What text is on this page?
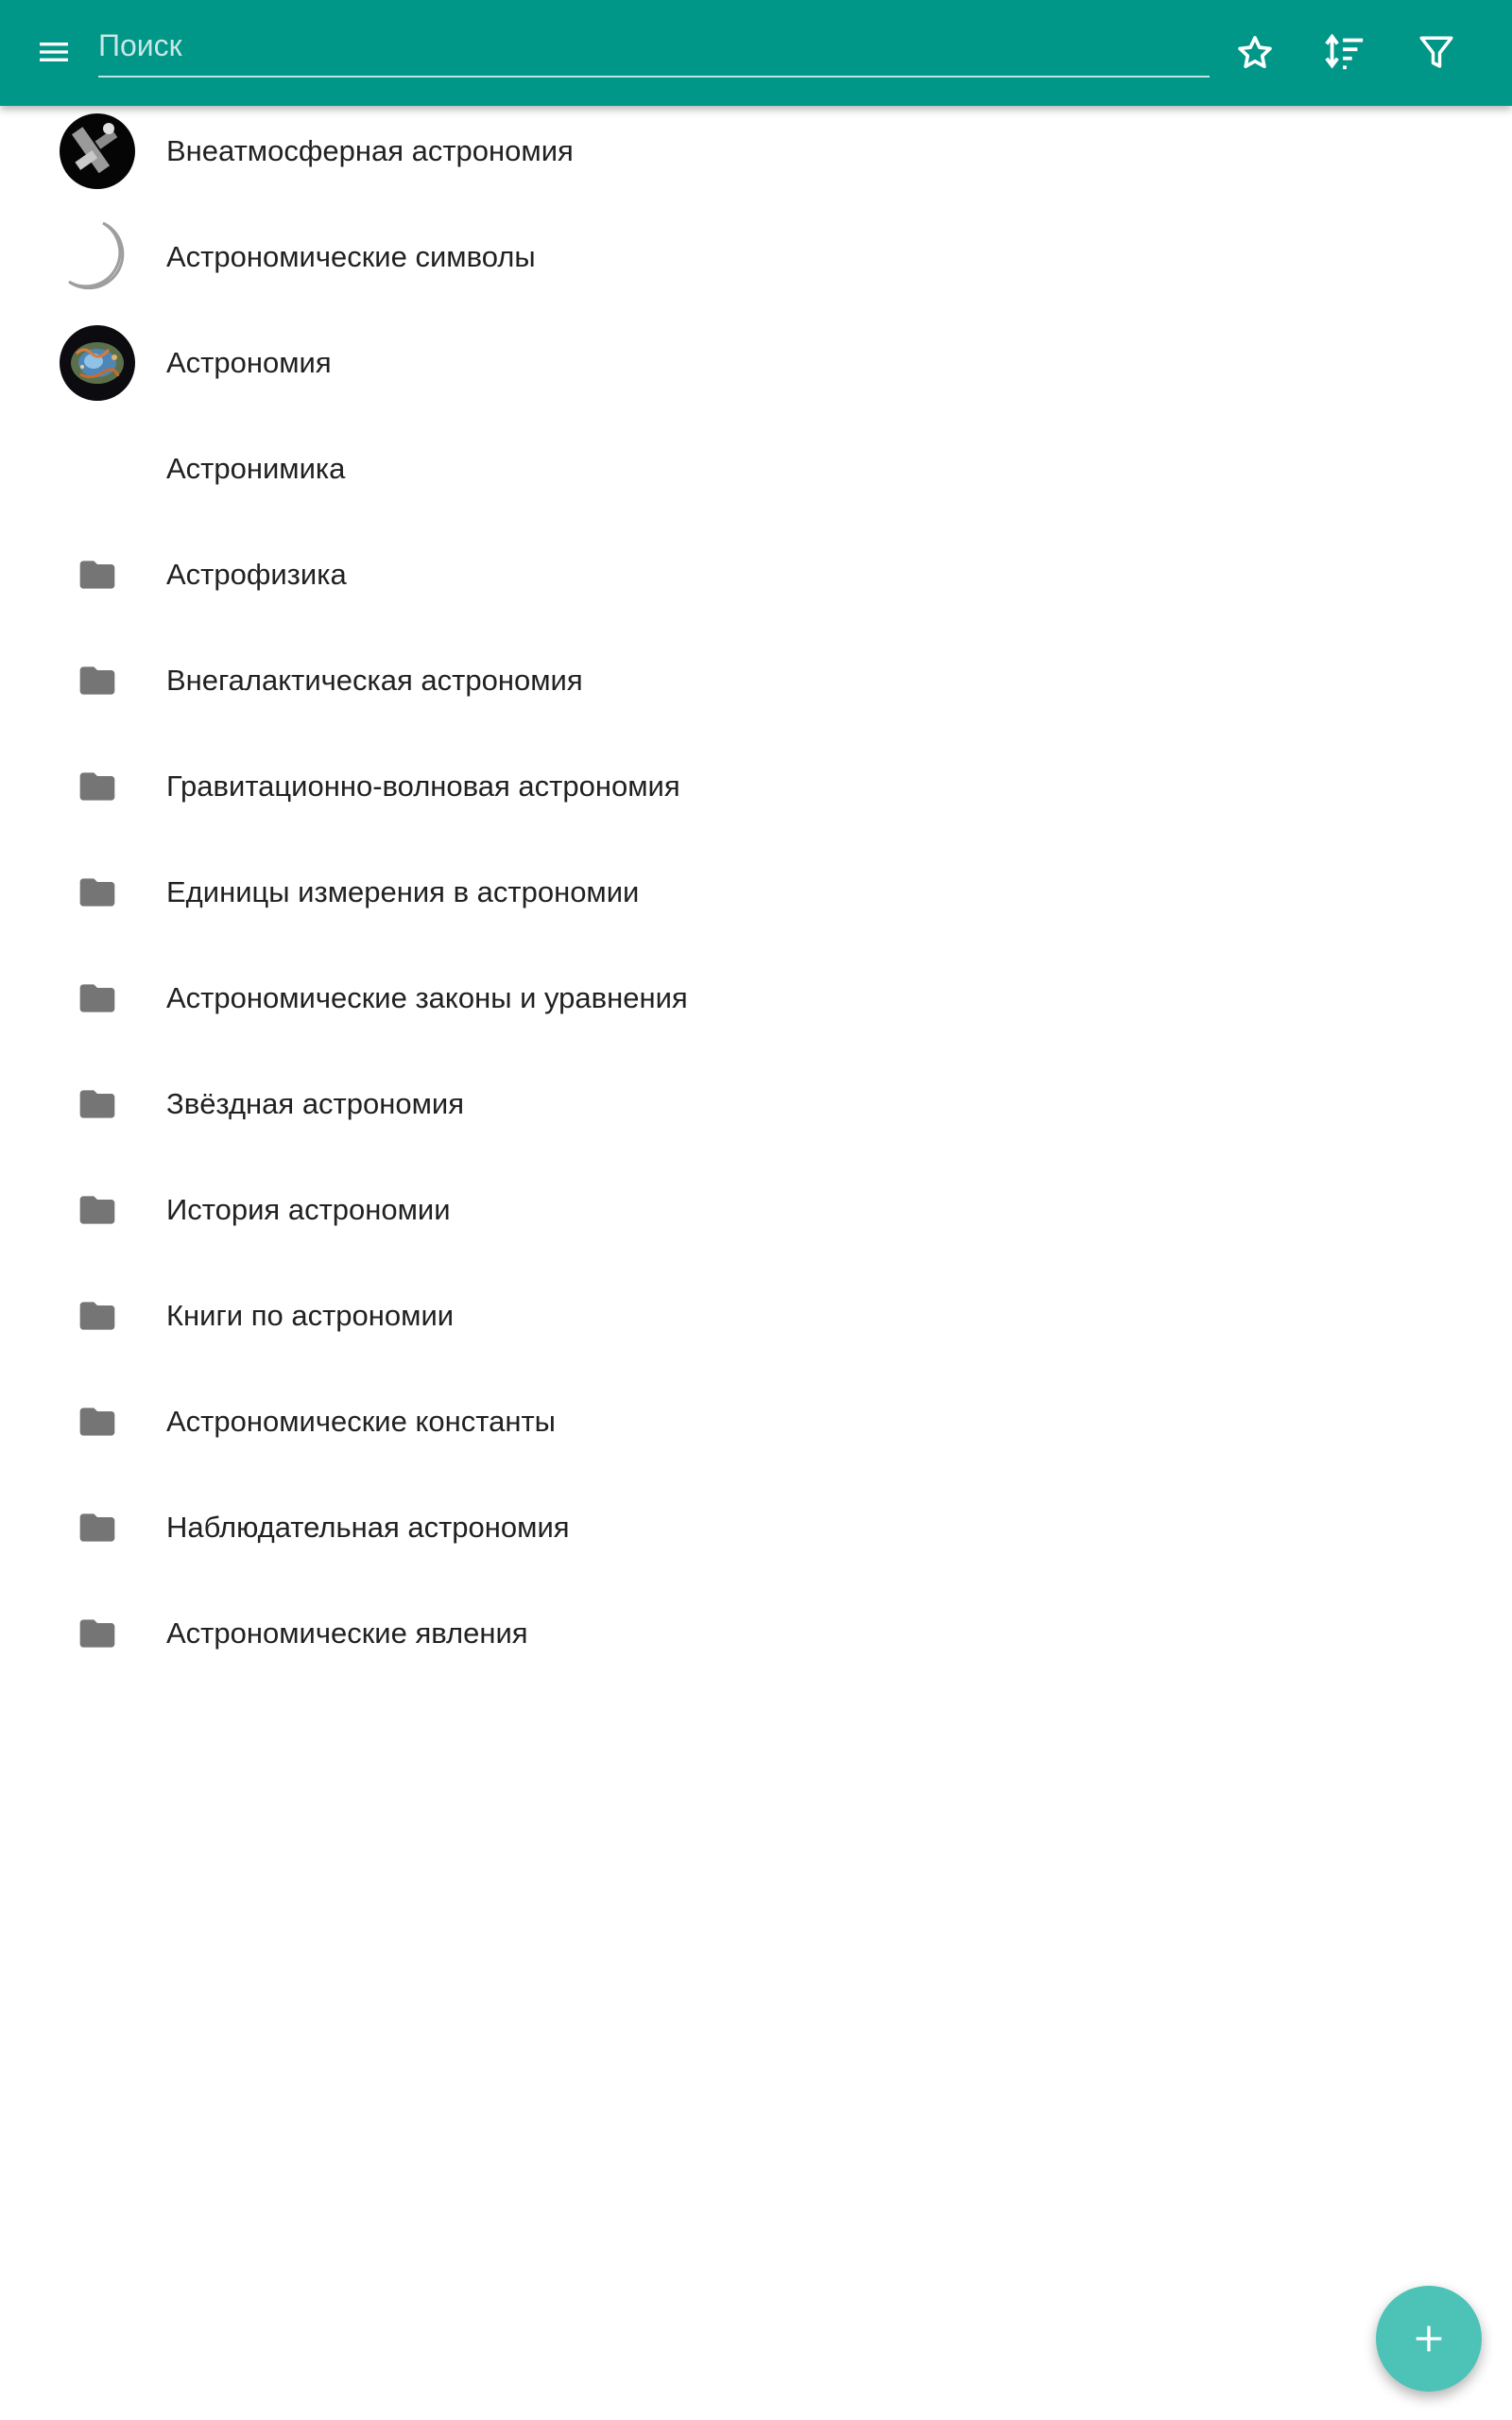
Поиск
Внеатмосферная астрономия
Астрономические символы
Астрономия
Астронимика
Астрофизика
Внегалактическая астрономия
Гравитационно-волновая астрономия
Единицы измерения в астрономии
Астрономические законы и уравнения
Звёздная астрономия
История астрономии
Книги по астрономии
Астрономические константы
Наблюдательная астрономия
Астрономические явления
